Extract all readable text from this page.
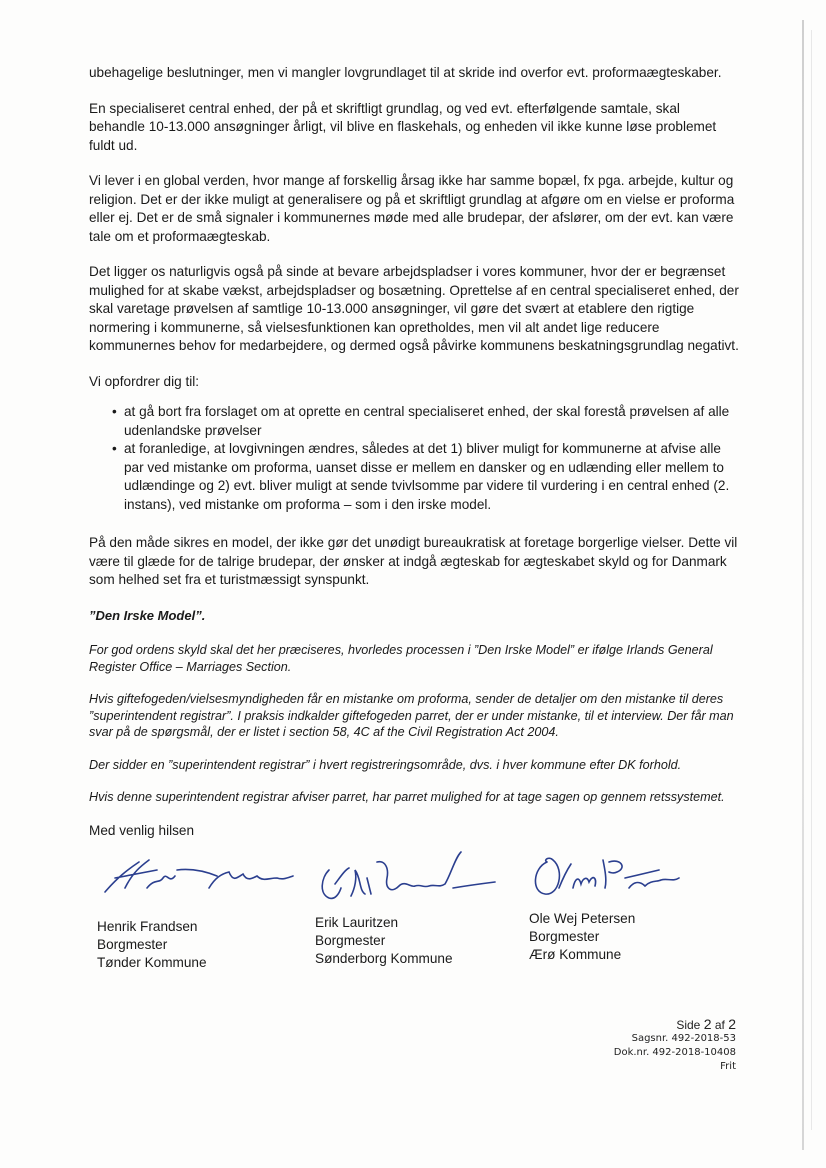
ubehagelige beslutninger, men vi mangler lovgrundlaget til at skride ind overfor evt. proformaægteskaber.

En specialiseret central enhed, der på et skriftligt grundlag, og ved evt. efterfølgende samtale, skal behandle 10-13.000 ansøgninger årligt, vil blive en flaskehals, og enheden vil ikke kunne løse problemet fuldt ud.

Vi lever i en global verden, hvor mange af forskellig årsag ikke har samme bopæl, fx pga. arbejde, kultur og religion. Det er der ikke muligt at generalisere og på et skriftligt grundlag at afgøre om en vielse er proforma eller ej. Det er de små signaler i kommunernes møde med alle brudepar, der afslører, om der evt. kan være tale om et proformaægteskab.

Det ligger os naturligvis også på sinde at bevare arbejdspladser i vores kommuner, hvor der er begrænset mulighed for at skabe vækst, arbejdspladser og bosætning. Oprettelse af en central specialiseret enhed, der skal varetage prøvelsen af samtlige 10-13.000 ansøgninger, vil gøre det svært at etablere den rigtige normering i kommunerne, så vielsesfunktionen kan opretholdes, men vil alt andet lige reducere kommunernes behov for medarbejdere, og dermed også påvirke kommunens beskatningsgrundlag negativt.

Vi opfordrer dig til:

• at gå bort fra forslaget om at oprette en central specialiseret enhed, der skal forestå prøvelsen af alle udenlandske prøvelser
• at foranledige, at lovgivningen ændres, således at det 1) bliver muligt for kommunerne at afvise alle par ved mistanke om proforma, uanset disse er mellem en dansker og en udlænding eller mellem to udlændinge og 2) evt. bliver muligt at sende tvivlsomme par videre til vurdering i en central enhed (2. instans), ved mistanke om proforma – som i den irske model.

På den måde sikres en model, der ikke gør det unødigt bureaukratisk at foretage borgerlige vielser. Dette vil være til glæde for de talrige brudepar, der ønsker at indgå ægteskab for ægteskabet skyld og for Danmark som helhed set fra et turistmæssigt synspunkt.

”Den Irske Model”.

For god ordens skyld skal det her præciseres, hvorledes processen i ”Den Irske Model” er ifølge Irlands General Register Office – Marriages Section.

Hvis giftefogeden/vielsesmyndigheden får en mistanke om proforma, sender de detaljer om den mistanke til deres ”superintendent registrar”. I praksis indkalder giftefogeden parret, der er under mistanke, til et interview. Der får man svar på de spørgsmål, der er listet i section 58, 4C af the Civil Registration Act 2004.

Der sidder en ”superintendent registrar” i hvert registreringsområde, dvs. i hver kommune efter DK forhold.

Hvis denne superintendent registrar afviser parret, har parret mulighed for at tage sagen op gennem retssystemet.

Med venlig hilsen

Henrik Frandsen
Borgmester
Tønder Kommune
Erik Lauritzen
Borgmester
Sønderborg Kommune
Ole Wej Petersen
Borgmester
Ærø Kommune
Side 2 af 2
Sagsnr. 492-2018-53
Dok.nr. 492-2018-10408
Frit
